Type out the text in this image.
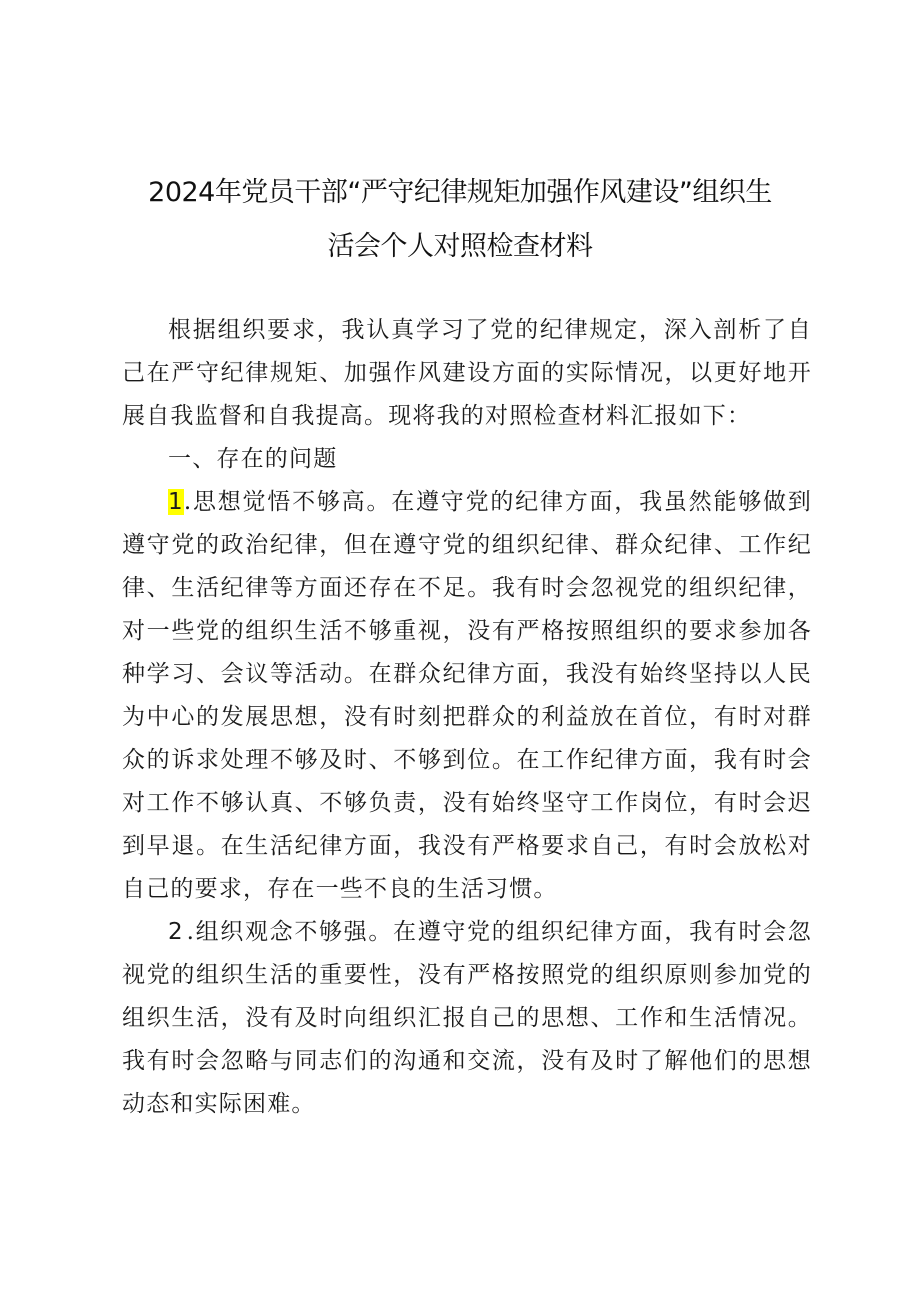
2024年党员干部“严守纪律规矩加强作风建设”组织生
活会个人对照检查材料

根据组织要求，我认真学习了党的纪律规定，深入剖析了自己在严守纪律规矩、加强作风建设方面的实际情况，以更好地开展自我监督和自我提高。现将我的对照检查材料汇报如下：

一、存在的问题

1.思想觉悟不够高。在遵守党的纪律方面，我虽然能够做到遵守党的政治纪律，但在遵守党的组织纪律、群众纪律、工作纪律、生活纪律等方面还存在不足。我有时会忽视党的组织纪律，对一些党的组织生活不够重视，没有严格按照组织的要求参加各种学习、会议等活动。在群众纪律方面，我没有始终坚持以人民为中心的发展思想，没有时刻把群众的利益放在首位，有时对群众的诉求处理不够及时、不够到位。在工作纪律方面，我有时会对工作不够认真、不够负责，没有始终坚守工作岗位，有时会迟到早退。在生活纪律方面，我没有严格要求自己，有时会放松对自己的要求，存在一些不良的生活习惯。

2.组织观念不够强。在遵守党的组织纪律方面，我有时会忽视党的组织生活的重要性，没有严格按照党的组织原则参加党的组织生活，没有及时向组织汇报自己的思想、工作和生活情况。我有时会忽略与同志们的沟通和交流，没有及时了解他们的思想动态和实际困难。
